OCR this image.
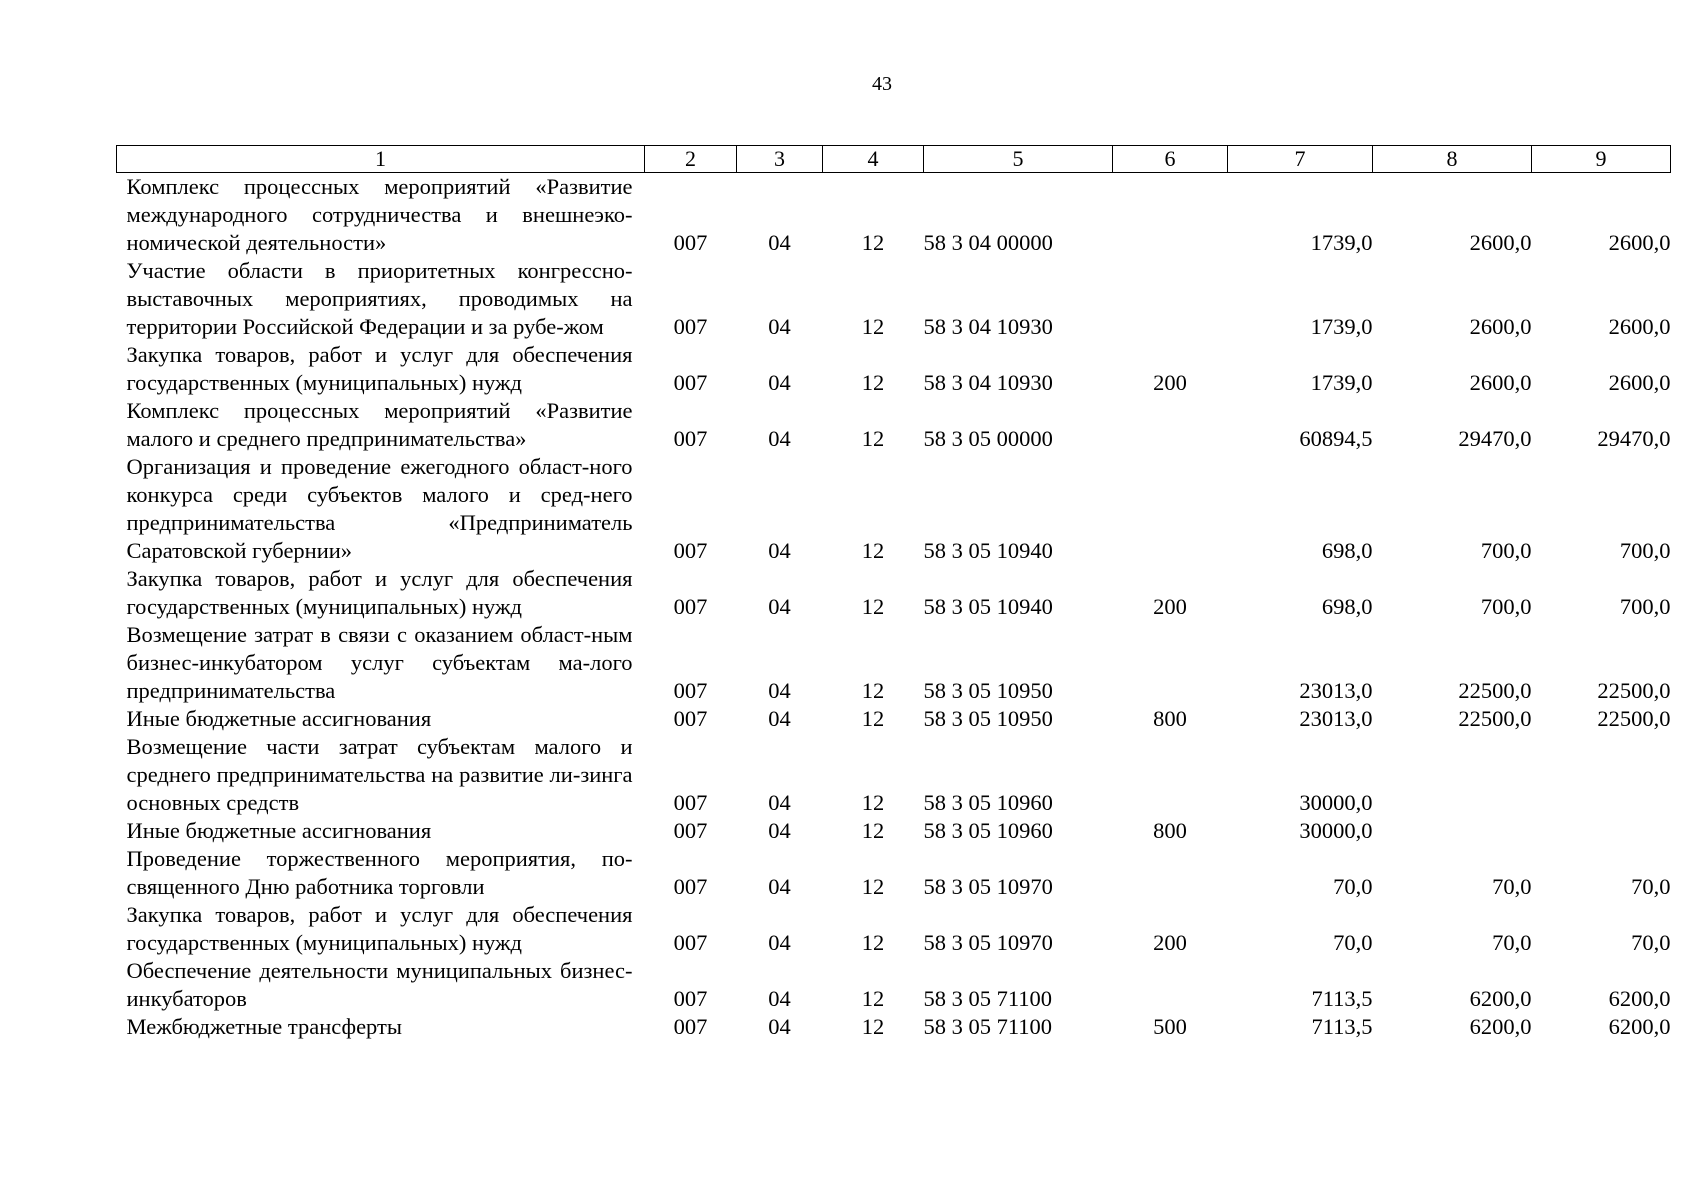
43
1	2	3	4	5	6	7	8	9
Комплекс процессных мероприятий «Развитие международного сотрудничества и внешнеэко-номической деятельности»	007	04	12	58 3 04 00000		1739,0	2600,0	2600,0
Участие области в приоритетных конгрессно-выставочных мероприятиях, проводимых на территории Российской Федерации и за рубе-жом	007	04	12	58 3 04 10930		1739,0	2600,0	2600,0
Закупка товаров, работ и услуг для обеспечения государственных (муниципальных) нужд	007	04	12	58 3 04 10930	200	1739,0	2600,0	2600,0
Комплекс процессных мероприятий «Развитие малого и среднего предпринимательства»	007	04	12	58 3 05 00000		60894,5	29470,0	29470,0
Организация и проведение ежегодного област-ного конкурса среди субъектов малого и сред-него предпринимательства «Предприниматель Саратовской губернии»	007	04	12	58 3 05 10940		698,0	700,0	700,0
Закупка товаров, работ и услуг для обеспечения государственных (муниципальных) нужд	007	04	12	58 3 05 10940	200	698,0	700,0	700,0
Возмещение затрат в связи с оказанием област-ным бизнес-инкубатором услуг субъектам ма-лого предпринимательства	007	04	12	58 3 05 10950		23013,0	22500,0	22500,0
Иные бюджетные ассигнования	007	04	12	58 3 05 10950	800	23013,0	22500,0	22500,0
Возмещение части затрат субъектам малого и среднего предпринимательства на развитие ли-зинга основных средств	007	04	12	58 3 05 10960		30000,0		
Иные бюджетные ассигнования	007	04	12	58 3 05 10960	800	30000,0		
Проведение торжественного мероприятия, по-священного Дню работника торговли	007	04	12	58 3 05 10970		70,0	70,0	70,0
Закупка товаров, работ и услуг для обеспечения государственных (муниципальных) нужд	007	04	12	58 3 05 10970	200	70,0	70,0	70,0
Обеспечение деятельности муниципальных бизнес-инкубаторов	007	04	12	58 3 05 71100		7113,5	6200,0	6200,0
Межбюджетные трансферты	007	04	12	58 3 05 71100	500	7113,5	6200,0	6200,0
